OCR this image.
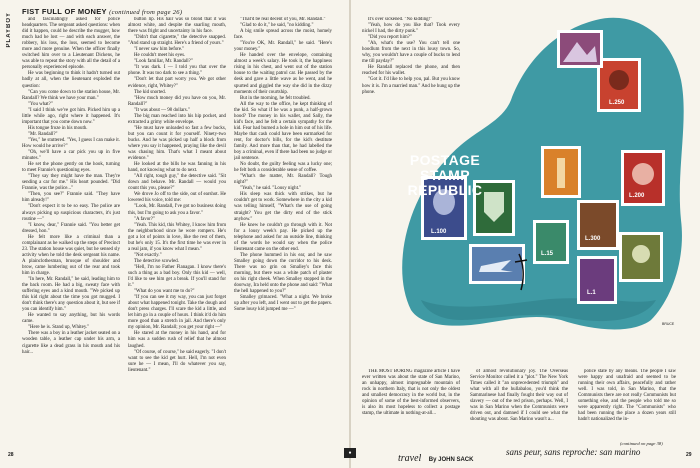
PLAYBOY
FIST FULL OF MONEY (continued from page 26)

and fascinatingly asked for police headquarters. The sergeant asked questions: when did it happen, could he describe the mugger, how much had he lost — and with each answer, the robbery, his loss, the loss, seemed to become more and more genuine. When the officer finally switched him over to a Lieutenant Dickens, he was able to repeat the story with all the detail of a personally experienced episode.

He was beginning to think it hadn't turned out badly at all, when the lieutenant exploded the question:

"Can you come down to the station house, Mr. Randall? We think we have your man."

"You what?"

"I said I think we've got him. Picked him up a little while ago, right where it happened. It's important that you come down now."

His tongue froze in his mouth.

"Mr. Randall?"

"Yes," he stuttered. "Yes, I guess I can make it. How would he arrive?"

"Oh, we'll have a car pick you up in five minutes."

He set the phone gently on the hook, turning to meet Frannie's questioning eyes.

"They say they might have the man. They're sending a car for me." His heart pounded. "Did Frannie, was the police..."

"Then, you see?" Frannie said. "They have him already!"

"Don't expect it to be so easy. The police are always picking up suspicious characters, it's just routine —"

"I know, dear," Frannie said. "You better get dressed, hon."

He felt more like a criminal than a complainant as he walked up the steps of Precinct 23. The station house was quiet, but he sensed sly activity when he told the desk sergeant his name. A plainclothesman, brusque of shoulder and brow, came lumbering out of the rear and took him in charge.

"In here, Mr. Randall," he said, leading him to the back room. He had a big, sweaty face with suffering eyes and a kind mouth. "We picked up this kid right about the time you got mugged. I don't think there's any question about it, but see if you can identify him."

He wanted to say anything, but his words came.

"Here he is. Stand up, Whitey."

There was a boy in a leather jacket seated on a wooden table, a leather cap under his arm, a cigarette like a dead grass in his mouth and his hair...

button lip. His hair was so blond that it was almost white, and despite the snarling mouth, there was fright and uncertainty in his face.

"Didn't that cigarette," the detective snapped. "And stand up straight. Here's a friend of yours."

"I never saw him before."

He couldn't meet his eyes.

"Look familiar, Mr. Randall?"

"It was dark. I — I told you that over the phone. It was too dark to see a thing."

"Don't let that part worry you. We got other evidence, right, Whitey?"

The kid snorted.

"How much money did you have on you, Mr. Randall?"

"It was about — 98 dollars."

The big man reached into his hip pocket, and extracted a grimy white envelope.

"He must have unloaded so fast a few bucks, but you can count it for yourself. Ninety-two bucks. And he was picked up half a block from where you say it happened, praying like the devil was chasing him. That's what I meant about evidence."

He looked at the bills he was fanning in his hand, not knowing what to do next.

"All right, tough guy," the detective said. "Sit down and behave. Mr. Randall — would you count this you, please?"

We drove Jo off to the side, out of earshot. He lowered his voice, told me:

"Look, Mr. Randall, I've got no business doing this, but I'm going to ask you a favor."

"A favor?"

"Yeah. This kid, this Whitey, I know him from the neighborhood since he wore rompers. He's got a lot of points in love, like the rest of them, but he's only 15. It's the first time he was ever in a real jam, if you know what I mean."

"Not exactly."

The detective scowled.

"Hell, I'm no Father Flanagan. I know there's such a thing as a bad boy. Only this kid — well, I'd like to see him get a break. If you'll stand for it."

"What do you want me to do?"

"If you can see it my way, you can just forget about what happened tonight. Take the dough and don't press charges. I'll scare the kid a little, and let him go in a couple of hours. I think it'd do him more good than a stretch in jail. And there's only my opinion, Mr. Randall; you get your right —"

He stared at the money in his hand, and for him was a sudden rush of relief that he almost laughed.

"Of course, of course," he said eagerly. "I don't want to see the kid get hurt. Hell, I'm not even sure he — I mean, I'll do whatever you say, lieutenant."

"That'd be real decent of you, Mr. Randall."

"Glad to do it," he said, "no kidding."

A big smile spread across the moist, homely face.

"You're OK, Mr. Randall," he said. "Here's your money."

He handed over the envelope, containing almost a week's salary. He took it, the happiness rising in his chest, and went out of the station house to the waiting patrol car. He passed by the desk and gave a little wave as he went, and he spurted and giggled the way she did in the dizzy moments of their courtship.

But in the morning, he felt troubled.

All the way to the office, he kept thinking of the kid. So what if he was a punk, a half-grown hood? The money in his wallet, and Sally, the kid's face, and he felt a certain sympathy for the kid. Fear had burned a hole in him out of his life. Maybe that cash could have been earmarked for rent, for doctor's bills, for the kid's destitute family. And more than that, he had labelled the boy a criminal, even if there had been no judge or jail sentence.

No doubt, the guilty feeling was a lucky one; he felt both a considerable sense of coffee.

"What's the matter, Mr. Randall? Tough night?"

"Yeah," he said. "Lousy night."

His sleep was thick with strikes, but he couldn't get to work. Somewhere in the city a kid was telling himself, "What's the use of going straight? You get the dirty end of the stick anyhow."

He knew he couldn't go through with it. Not for a lousy week's pay. He picked up the telephone and asked for an outside line, thinking of the words he would say when the police lieutenant came on the other end.

The phone hummed in his ear, and he saw Smalley going down the corridor to his desk. There was no grin on Smalley's face this morning, but there was a white patch of plaster on his right cheek. When Smalley stopped in the doorway, Ira held onto the phone and said: "What the hell happened to you?"

Smalley grimaced. "What a night. We broke up after you left, and I went out to get the papers. Some lousy kid jumped me —"

It's over sickened. "No kidding!"

"Yeah, how do you like that? Took every nickel I had, the dirty punk."

"Did you report him?"

"Ah, what's the use? You can't tell one hoodlum from the next in this lousy town. So, why, you wouldn't have a couple of bucks to lend me till payday?"

He Randall replaced the phone, and then reached for his wallet.

"Got it. I'd like to help you, pal. But you know how it is. I'm a married man." And he hung up the phone.

L.250
L.100
L.200
L.300
L.15
L.1
POSTAGE
STAMP
REPUBLIC
BRUCE

THE MOST BORING magazine article I have ever written was about the state of San Marino, an unhappy, almost impregnable mountain of rock in northern Italy, that is not only the oldest and smallest democracy in the world but, in the opinion of some of the best-informed observers, is also its most hopeless to collect a postage stamp, the ultimate in nothing-at-all...

of almost revolutionary joy. The Overseas Service Monitor called it a "plot." The New York Times called it "an unprecedented triumph" and what with all the hullabaloo, you'd think the Sammarinese had finally fought their way out of slavery — out of the red prison, perhaps. Well, I was in San Marino when the Communists were driven out, and damned if I could see what the shouting was about. San Marino wasn't a...

police state by any means. The people I saw were happy and unafraid and seemed to be running their own affairs, peacefully and rather well. I was told, in San Marino, that the Communists there are not really Communists but something else, and the people who told me so were apparently right. The "Communists" who had been running the place a dozen years still hadn't nationalized the in-

(continued on page 38)
28	29
●	travel By JOHN SACK
sans peur, sans reproche: san marino
